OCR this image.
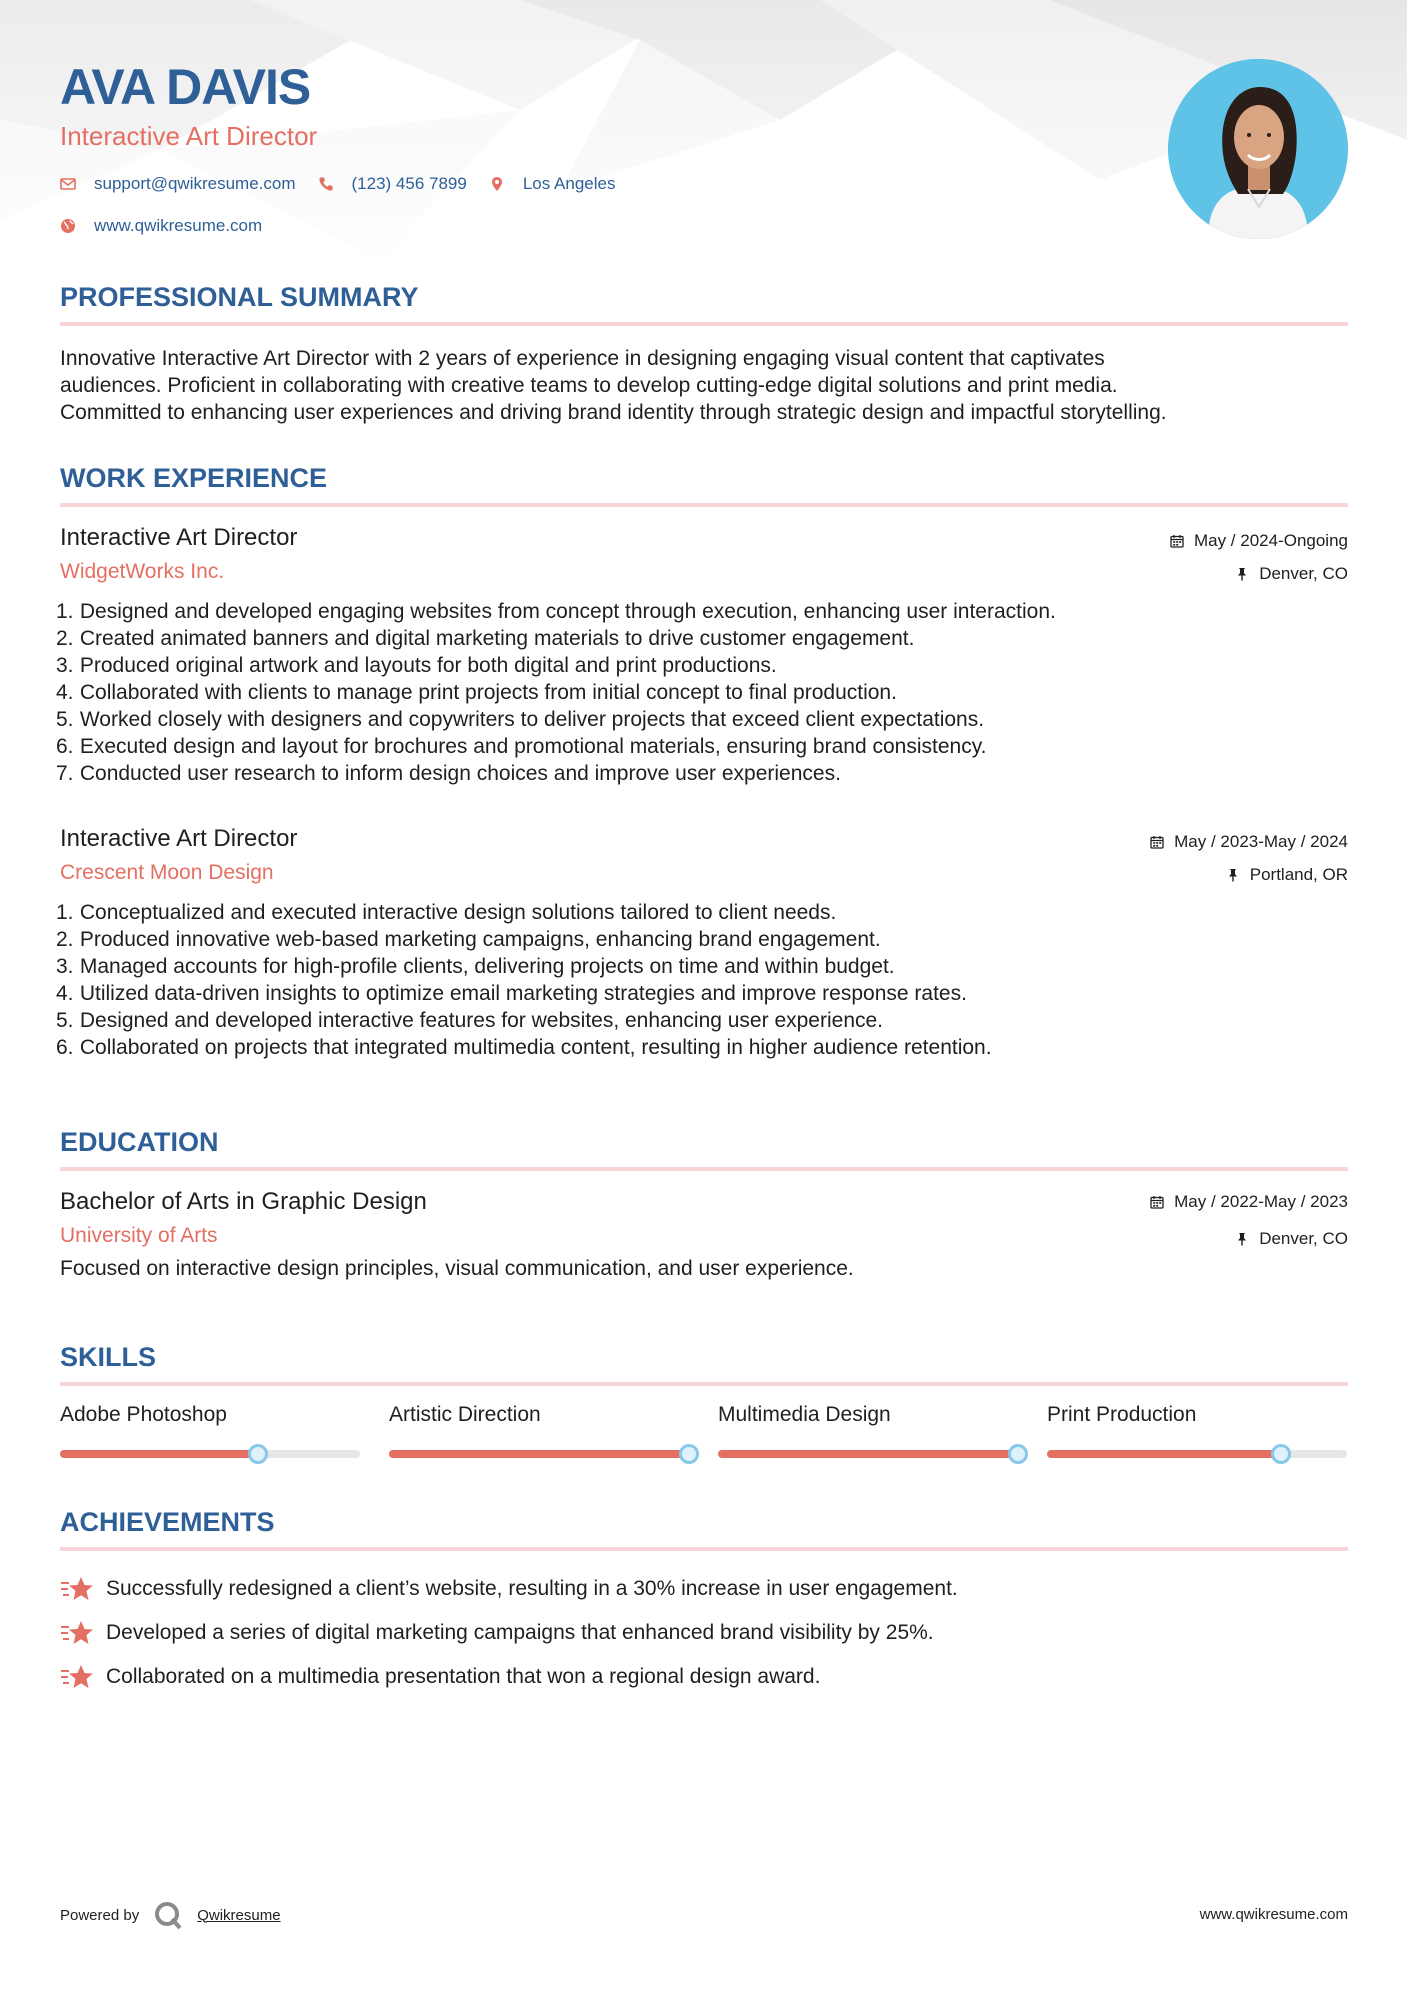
AVA DAVIS
Interactive Art Director
support@qwikresume.com	(123) 456 7899	Los Angeles
www.qwikresume.com
PROFESSIONAL SUMMARY
Innovative Interactive Art Director with 2 years of experience in designing engaging visual content that captivates
audiences. Proficient in collaborating with creative teams to develop cutting-edge digital solutions and print media.
Committed to enhancing user experiences and driving brand identity through strategic design and impactful storytelling.
WORK EXPERIENCE
Interactive Art Director
WidgetWorks Inc.
May / 2024-Ongoing
Denver, CO
1.
Designed and developed engaging websites from concept through execution, enhancing user interaction.
2.
Created animated banners and digital marketing materials to drive customer engagement.
3.
Produced original artwork and layouts for both digital and print productions.
4.
Collaborated with clients to manage print projects from initial concept to final production.
5.
Worked closely with designers and copywriters to deliver projects that exceed client expectations.
6.
Executed design and layout for brochures and promotional materials, ensuring brand consistency.
7.
Conducted user research to inform design choices and improve user experiences.
Interactive Art Director
Crescent Moon Design
May / 2023-May / 2024
Portland, OR
1.
Conceptualized and executed interactive design solutions tailored to client needs.
2.
Produced innovative web-based marketing campaigns, enhancing brand engagement.
3.
Managed accounts for high-profile clients, delivering projects on time and within budget.
4.
Utilized data-driven insights to optimize email marketing strategies and improve response rates.
5.
Designed and developed interactive features for websites, enhancing user experience.
6.
Collaborated on projects that integrated multimedia content, resulting in higher audience retention.
EDUCATION
Bachelor of Arts in Graphic Design
University of Arts
May / 2022-May / 2023
Denver, CO
Focused on interactive design principles, visual communication, and user experience.
SKILLS
Adobe Photoshop	Artistic Direction	Multimedia Design	Print Production
ACHIEVEMENTS
Successfully redesigned a client’s website, resulting in a 30% increase in user engagement.
Developed a series of digital marketing campaigns that enhanced brand visibility by 25%.
Collaborated on a multimedia presentation that won a regional design award.
Powered by	Qwikresume	www.qwikresume.com
